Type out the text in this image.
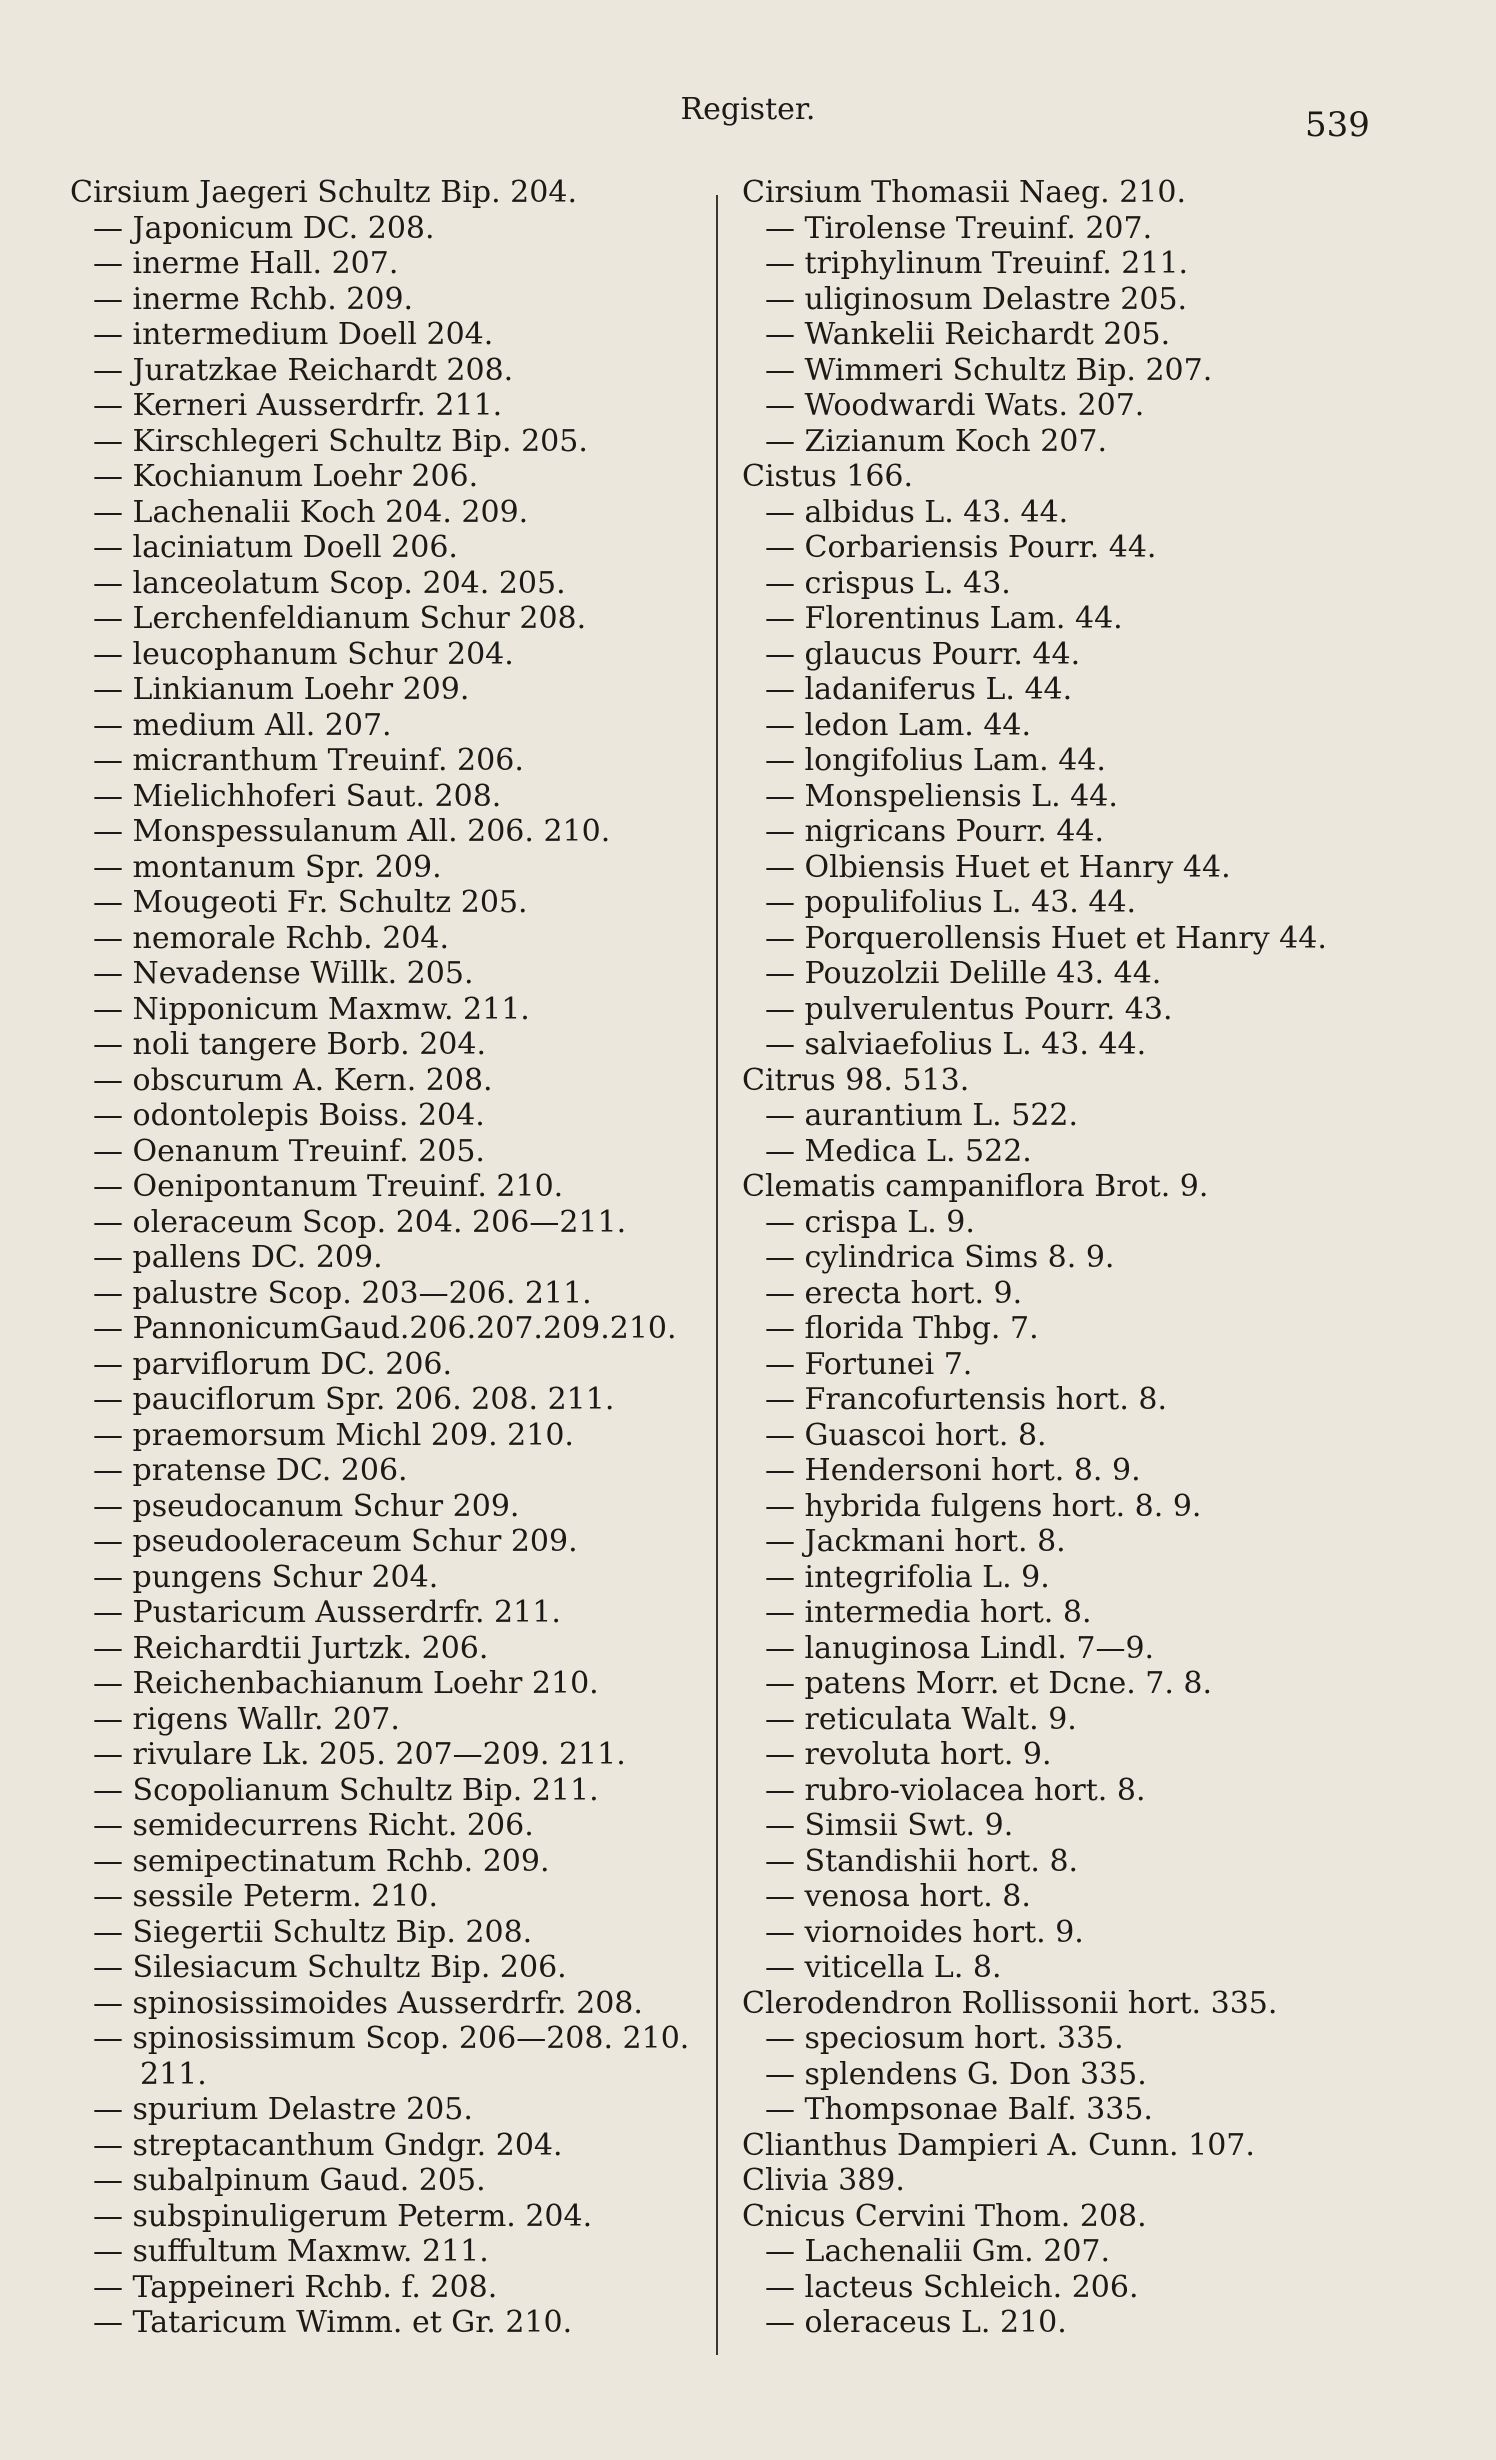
Register.	539
Cirsium Jaegeri Schultz Bip. 204.
— Japonicum DC. 208.
— inerme Hall. 207.
— inerme Rchb. 209.
— intermedium Doell 204.
— Juratzkae Reichardt 208.
— Kerneri Ausserdrfr. 211.
— Kirschlegeri Schultz Bip. 205.
— Kochianum Loehr 206.
— Lachenalii Koch 204. 209.
— laciniatum Doell 206.
— lanceolatum Scop. 204. 205.
— Lerchenfeldianum Schur 208.
— leucophanum Schur 204.
— Linkianum Loehr 209.
— medium All. 207.
— micranthum Treuinf. 206.
— Mielichhoferi Saut. 208.
— Monspessulanum All. 206. 210.
— montanum Spr. 209.
— Mougeoti Fr. Schultz 205.
— nemorale Rchb. 204.
— Nevadense Willk. 205.
— Nipponicum Maxmw. 211.
— noli tangere Borb. 204.
— obscurum A. Kern. 208.
— odontolepis Boiss. 204.
— Oenanum Treuinf. 205.
— Oenipontanum Treuinf. 210.
— oleraceum Scop. 204. 206—211.
— pallens DC. 209.
— palustre Scop. 203—206. 211.
— PannonicumGaud.206.207.209.210.
— parviflorum DC. 206.
— pauciflorum Spr. 206. 208. 211.
— praemorsum Michl 209. 210.
— pratense DC. 206.
— pseudocanum Schur 209.
— pseudooleraceum Schur 209.
— pungens Schur 204.
— Pustaricum Ausserdrfr. 211.
— Reichardtii Jurtzk. 206.
— Reichenbachianum Loehr 210.
— rigens Wallr. 207.
— rivulare Lk. 205. 207—209. 211.
— Scopolianum Schultz Bip. 211.
— semidecurrens Richt. 206.
— semipectinatum Rchb. 209.
— sessile Peterm. 210.
— Siegertii Schultz Bip. 208.
— Silesiacum Schultz Bip. 206.
— spinosissimoides Ausserdrfr. 208.
— spinosissimum Scop. 206—208. 210.
211.
— spurium Delastre 205.
— streptacanthum Gndgr. 204.
— subalpinum Gaud. 205.
— subspinuligerum Peterm. 204.
— suffultum Maxmw. 211.
— Tappeineri Rchb. f. 208.
— Tataricum Wimm. et Gr. 210.
Cirsium Thomasii Naeg. 210.
— Tirolense Treuinf. 207.
— triphylinum Treuinf. 211.
— uliginosum Delastre 205.
— Wankelii Reichardt 205.
— Wimmeri Schultz Bip. 207.
— Woodwardi Wats. 207.
— Zizianum Koch 207.
Cistus 166.
— albidus L. 43. 44.
— Corbariensis Pourr. 44.
— crispus L. 43.
— Florentinus Lam. 44.
— glaucus Pourr. 44.
— ladaniferus L. 44.
— ledon Lam. 44.
— longifolius Lam. 44.
— Monspeliensis L. 44.
— nigricans Pourr. 44.
— Olbiensis Huet et Hanry 44.
— populifolius L. 43. 44.
— Porquerollensis Huet et Hanry 44.
— Pouzolzii Delille 43. 44.
— pulverulentus Pourr. 43.
— salviaefolius L. 43. 44.
Citrus 98. 513.
— aurantium L. 522.
— Medica L. 522.
Clematis campaniflora Brot. 9.
— crispa L. 9.
— cylindrica Sims 8. 9.
— erecta hort. 9.
— florida Thbg. 7.
— Fortunei 7.
— Francofurtensis hort. 8.
— Guascoi hort. 8.
— Hendersoni hort. 8. 9.
— hybrida fulgens hort. 8. 9.
— Jackmani hort. 8.
— integrifolia L. 9.
— intermedia hort. 8.
— lanuginosa Lindl. 7—9.
— patens Morr. et Dcne. 7. 8.
— reticulata Walt. 9.
— revoluta hort. 9.
— rubro-violacea hort. 8.
— Simsii Swt. 9.
— Standishii hort. 8.
— venosa hort. 8.
— viornoides hort. 9.
— viticella L. 8.
Clerodendron Rollissonii hort. 335.
— speciosum hort. 335.
— splendens G. Don 335.
— Thompsonae Balf. 335.
Clianthus Dampieri A. Cunn. 107.
Clivia 389.
Cnicus Cervini Thom. 208.
— Lachenalii Gm. 207.
— lacteus Schleich. 206.
— oleraceus L. 210.
